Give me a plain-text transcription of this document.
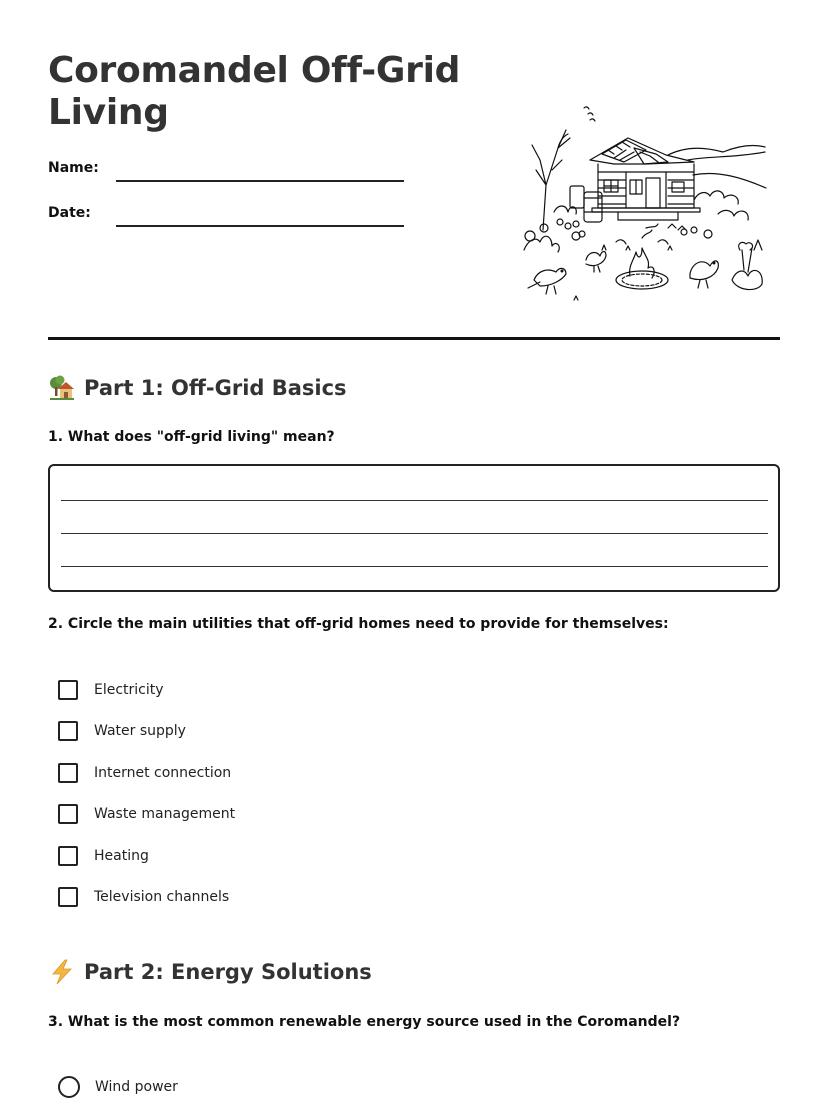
Coromandel Off-Grid Living
Name:
Date:
Part 1: Off-Grid Basics

1. What does "off-grid living" mean?

2. Circle the main utilities that off-grid homes need to provide for themselves:

Electricity
Water supply
Internet connection
Waste management
Heating
Television channels
Part 2: Energy Solutions

3. What is the most common renewable energy source used in the Coromandel?

Wind power
